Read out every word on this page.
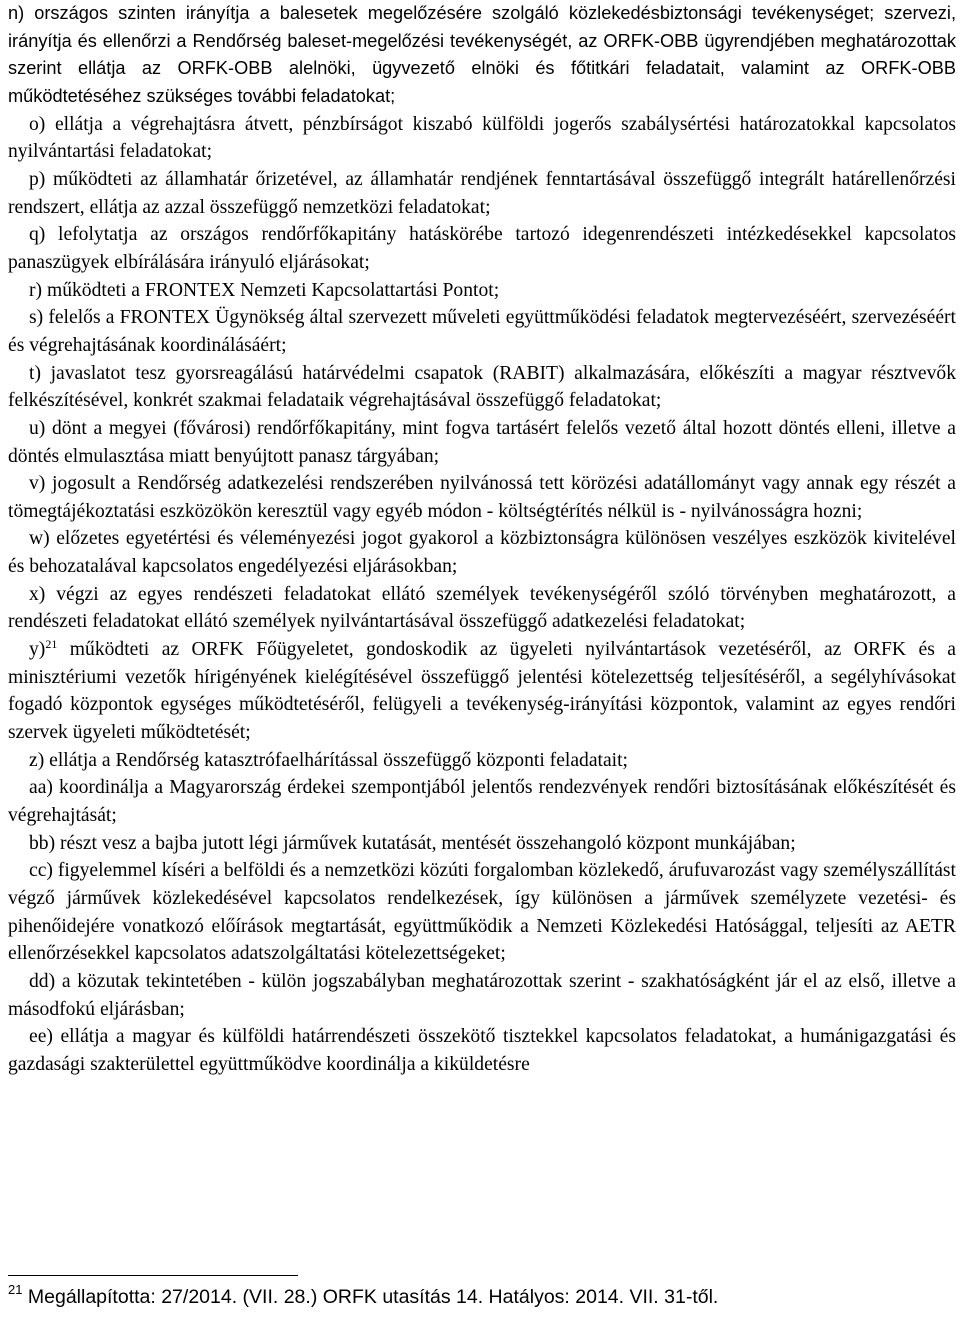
n) országos szinten irányítja a balesetek megelőzésére szolgáló közlekedésbiztonsági tevékenységet; szervezi, irányítja és ellenőrzi a Rendőrség baleset-megelőzési tevékenységét, az ORFK-OBB ügyrendjében meghatározottak szerint ellátja az ORFK-OBB alelnöki, ügyvezető elnöki és főtitkári feladatait, valamint az ORFK-OBB működtetéséhez szükséges további feladatokat;

o) ellátja a végrehajtásra átvett, pénzbírságot kiszabó külföldi jogerős szabálysértési határozatokkal kapcsolatos nyilvántartási feladatokat;

p) működteti az államhatár őrizetével, az államhatár rendjének fenntartásával összefüggő integrált határellenőrzési rendszert, ellátja az azzal összefüggő nemzetközi feladatokat;

q) lefolytatja az országos rendőrfőkapitány hatáskörébe tartozó idegenrendészeti intézkedésekkel kapcsolatos panaszügyek elbírálására irányuló eljárásokat;

r) működteti a FRONTEX Nemzeti Kapcsolattartási Pontot;

s) felelős a FRONTEX Ügynökség által szervezett műveleti együttműködési feladatok megtervezéséért, szervezéséért és végrehajtásának koordinálásáért;

t) javaslatot tesz gyorsreagálású határvédelmi csapatok (RABIT) alkalmazására, előkészíti a magyar résztvevők felkészítésével, konkrét szakmai feladataik végrehajtásával összefüggő feladatokat;

u) dönt a megyei (fővárosi) rendőrfőkapitány, mint fogva tartásért felelős vezető által hozott döntés elleni, illetve a döntés elmulasztása miatt benyújtott panasz tárgyában;

v) jogosult a Rendőrség adatkezelési rendszerében nyilvánossá tett körözési adatállományt vagy annak egy részét a tömegtájékoztatási eszközökön keresztül vagy egyéb módon - költségtérítés nélkül is - nyilvánosságra hozni;

w) előzetes egyetértési és véleményezési jogot gyakorol a közbiztonságra különösen veszélyes eszközök kivitelével és behozatalával kapcsolatos engedélyezési eljárásokban;

x) végzi az egyes rendészeti feladatokat ellátó személyek tevékenységéről szóló törvényben meghatározott, a rendészeti feladatokat ellátó személyek nyilvántartásával összefüggő adatkezelési feladatokat;

y)$^{21}$ működteti az ORFK Főügyeletet, gondoskodik az ügyeleti nyilvántartások vezetéséről, az ORFK és a minisztériumi vezetők hírigényének kielégítésével összefüggő jelentési kötelezettség teljesítéséről, a segélyhívásokat fogadó központok egységes működtetéséről, felügyeli a tevékenység-irányítási központok, valamint az egyes rendőri szervek ügyeleti működtetését;

z) ellátja a Rendőrség katasztrófaelhárítással összefüggő központi feladatait;

aa) koordinálja a Magyarország érdekei szempontjából jelentős rendezvények rendőri biztosításának előkészítését és végrehajtását;

bb) részt vesz a bajba jutott légi járművek kutatását, mentését összehangoló központ munkájában;

cc) figyelemmel kíséri a belföldi és a nemzetközi közúti forgalomban közlekedő, árufuvarozást vagy személyszállítást végző járművek közlekedésével kapcsolatos rendelkezések, így különösen a járművek személyzete vezetési- és pihenőidejére vonatkozó előírások megtartását, együttműködik a Nemzeti Közlekedési Hatósággal, teljesíti az AETR ellenőrzésekkel kapcsolatos adatszolgáltatási kötelezettségeket;

dd) a közutak tekintetében - külön jogszabályban meghatározottak szerint - szakhatóságként jár el az első, illetve a másodfokú eljárásban;

ee) ellátja a magyar és külföldi határrendészeti összekötő tisztekkel kapcsolatos feladatokat, a humánigazgatási és gazdasági szakterülettel együttműködve koordinálja a kiküldetésre

$^{21}$ Megállapította: 27/2014. (VII. 28.) ORFK utasítás 14. Hatályos: 2014. VII. 31-től.
